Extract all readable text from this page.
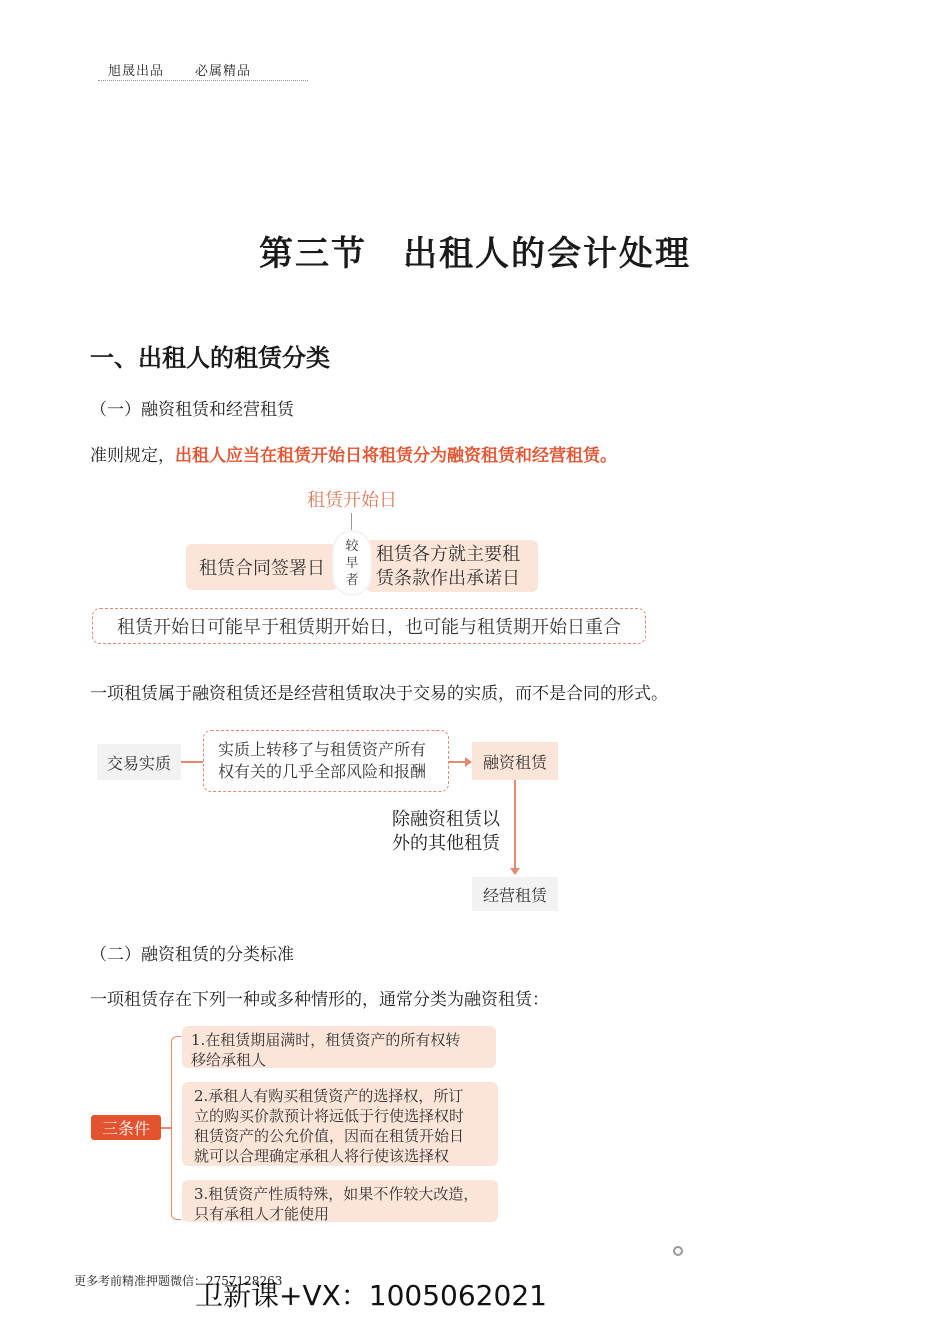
旭晟出品 必属精品
第三节　出租人的会计处理
一、出租人的租赁分类
（一）融资租赁和经营租赁
准则规定，出租人应当在租赁开始日将租赁分为融资租赁和经营租赁。
租赁开始日
租赁合同签署日
租赁各方就主要租
赁条款作出承诺日
较
早
者
租赁开始日可能早于租赁期开始日，也可能与租赁期开始日重合
一项租赁属于融资租赁还是经营租赁取决于交易的实质，而不是合同的形式。
交易实质
实质上转移了与租赁资产所有
权有关的几乎全部风险和报酬	融资租赁
除融资租赁以
外的其他租赁
经营租赁
（二）融资租赁的分类标准
一项租赁存在下列一种或多种情形的，通常分类为融资租赁：
三条件
1.在租赁期届满时，租赁资产的所有权转
移给承租人
2.承租人有购买租赁资产的选择权，所订
立的购买价款预计将远低于行使选择权时
租赁资产的公允价值，因而在租赁开始日
就可以合理确定承租人将行使该选择权
3.租赁资产性质特殊，如果不作较大改造，
只有承租人才能使用
更多考前精准押题微信：2757128263
卫新课+VX：1005062021
